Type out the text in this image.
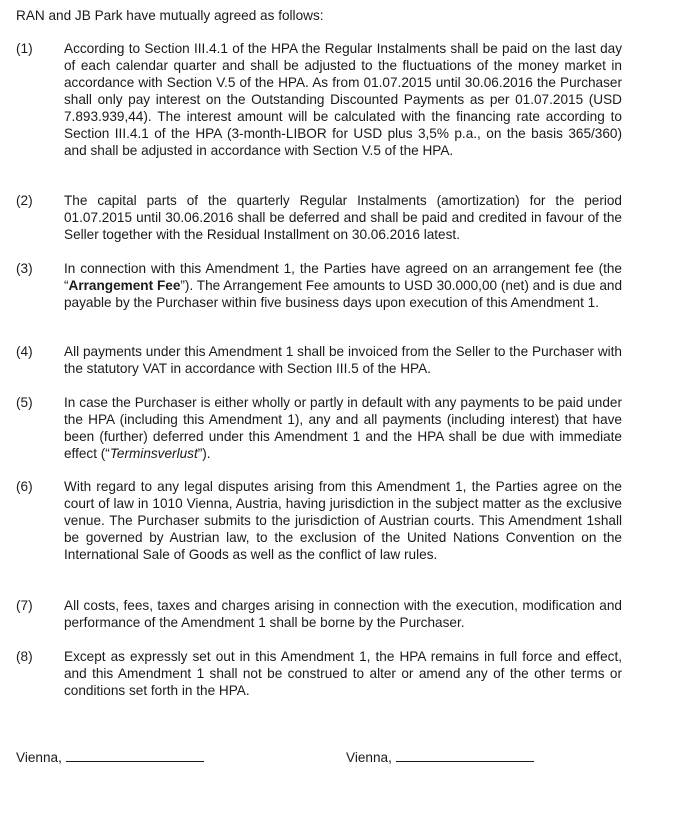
RAN and JB Park have mutually agreed as follows:
(1) According to Section III.4.1 of the HPA the Regular Instalments shall be paid on the last day of each calendar quarter and shall be adjusted to the fluctuations of the money market in accordance with Section V.5 of the HPA. As from 01.07.2015 until 30.06.2016 the Purchaser shall only pay interest on the Outstanding Discounted Payments as per 01.07.2015 (USD 7.893.939,44). The interest amount will be calculated with the financing rate according to Section III.4.1 of the HPA (3-month-LIBOR for USD plus 3,5% p.a., on the basis 365/360) and shall be adjusted in accordance with Section V.5 of the HPA.
(2) The capital parts of the quarterly Regular Instalments (amortization) for the period 01.07.2015 until 30.06.2016 shall be deferred and shall be paid and credited in favour of the Seller together with the Residual Installment on 30.06.2016 latest.
(3) In connection with this Amendment 1, the Parties have agreed on an arrangement fee (the “Arrangement Fee”). The Arrangement Fee amounts to USD 30.000,00 (net) and is due and payable by the Purchaser within five business days upon execution of this Amendment 1.
(4) All payments under this Amendment 1 shall be invoiced from the Seller to the Purchaser with the statutory VAT in accordance with Section III.5 of the HPA.
(5) In case the Purchaser is either wholly or partly in default with any payments to be paid under the HPA (including this Amendment 1), any and all payments (including interest) that have been (further) deferred under this Amendment 1 and the HPA shall be due with immediate effect (“Terminsverlust”).
(6) With regard to any legal disputes arising from this Amendment 1, the Parties agree on the court of law in 1010 Vienna, Austria, having jurisdiction in the subject matter as the exclusive venue. The Purchaser submits to the jurisdiction of Austrian courts. This Amendment 1shall be governed by Austrian law, to the exclusion of the United Nations Convention on the International Sale of Goods as well as the conflict of law rules.
(7) All costs, fees, taxes and charges arising in connection with the execution, modification and performance of the Amendment 1 shall be borne by the Purchaser.
(8) Except as expressly set out in this Amendment 1, the HPA remains in full force and effect, and this Amendment 1 shall not be construed to alter or amend any of the other terms or conditions set forth in the HPA.
Vienna,	Vienna,
